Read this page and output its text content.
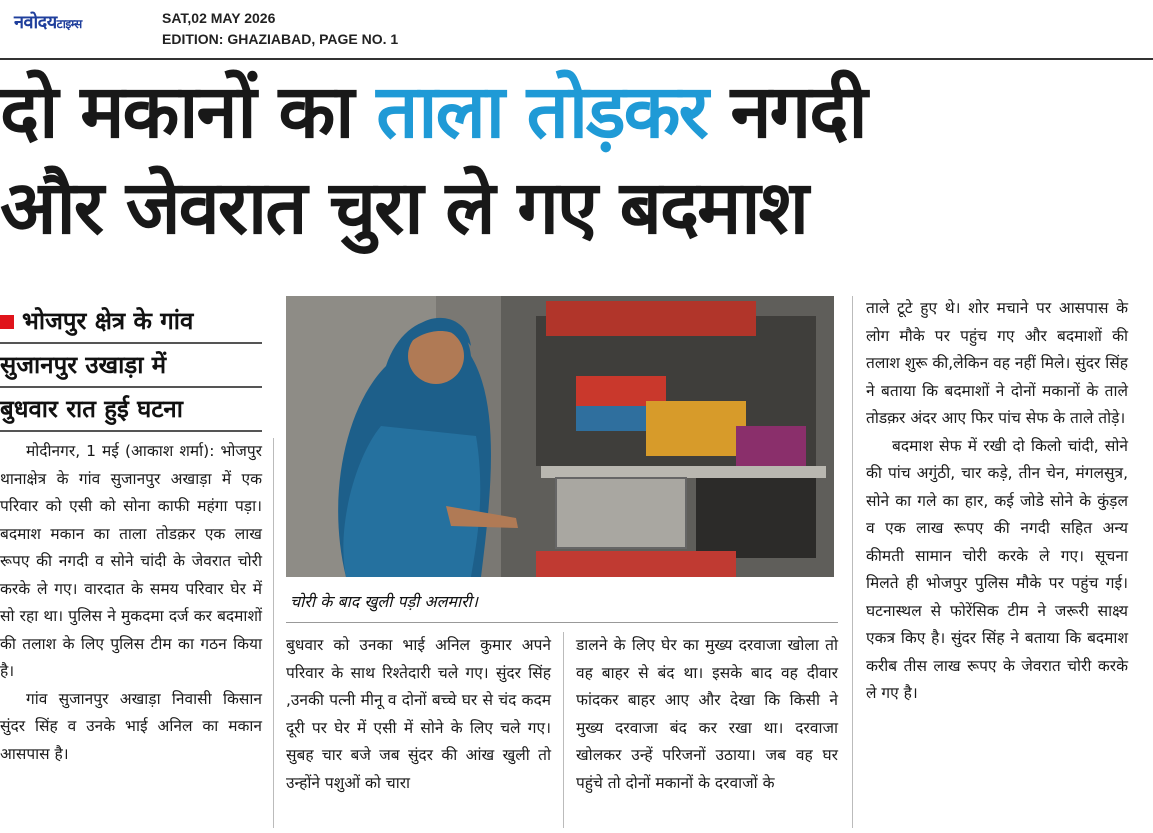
नवोदयटाइम्स	SAT,02 MAY 2026
EDITION: GHAZIABAD, PAGE NO. 1
दो मकानों का ताला तोड़कर नगदी
और जेवरात चुरा ले गए बदमाश
भोजपुर क्षेत्र के गांव
सुजानपुर उखाड़ा में
बुधवार रात हुई घटना

मोदीनगर, 1 मई (आकाश शर्मा): भोजपुर थानाक्षेत्र के गांव सुजानपुर अखाड़ा में एक परिवार को एसी को सोना काफी महंगा पड़ा। बदमाश मकान का ताला तोडक़र एक लाख रूपए की नगदी व सोने चांदी के जेवरात चोरी करके ले गए। वारदात के समय परिवार घेर में सो रहा था। पुलिस ने मुकदमा दर्ज कर बदमाशों की तलाश के लिए पुलिस टीम का गठन किया है।

गांव सुजानपुर अखाड़ा निवासी किसान सुंदर सिंह व उनके भाई अनिल का मकान आसपास है।

चोरी के बाद खुली पड़ी अलमारी।

बुधवार को उनका भाई अनिल कुमार अपने परिवार के साथ रिश्तेदारी चले गए। सुंदर सिंह ,उनकी पत्नी मीनू व दोनों बच्चे घर से चंद कदम दूरी पर घेर में एसी में सोने के लिए चले गए। सुबह चार बजे जब सुंदर की आंख खुली तो उन्होंने पशुओं को चारा

डालने के लिए घेर का मुख्य दरवाजा खोला तो वह बाहर से बंद था। इसके बाद वह दीवार फांदकर बाहर आए और देखा कि किसी ने मुख्य दरवाजा बंद कर रखा था। दरवाजा खोलकर उन्हें परिजनों उठाया। जब वह घर पहुंचे तो दोनों मकानों के दरवाजों के

ताले टूटे हुए थे। शोर मचाने पर आसपास के लोग मौके पर पहुंच गए और बदमाशों की तलाश शुरू की,लेकिन वह नहीं मिले। सुंदर सिंह ने बताया कि बदमाशों ने दोनों मकानों के ताले तोडक़र अंदर आए फिर पांच सेफ के ताले तोड़े।

बदमाश सेफ में रखी दो किलो चांदी, सोने की पांच अगुंठी, चार कड़े, तीन चेन, मंगलसुत्र, सोने का गले का हार, कई जोडे सोने के कुंड़ल व एक लाख रूपए की नगदी सहित अन्य कीमती सामान चोरी करके ले गए। सूचना मिलते ही भोजपुर पुलिस मौके पर पहुंच गई। घटनास्थल से फोरेंसिक टीम ने जरूरी साक्ष्य एकत्र किए है। सुंदर सिंह ने बताया कि बदमाश करीब तीस लाख रूपए के जेवरात चोरी करके ले गए है।
